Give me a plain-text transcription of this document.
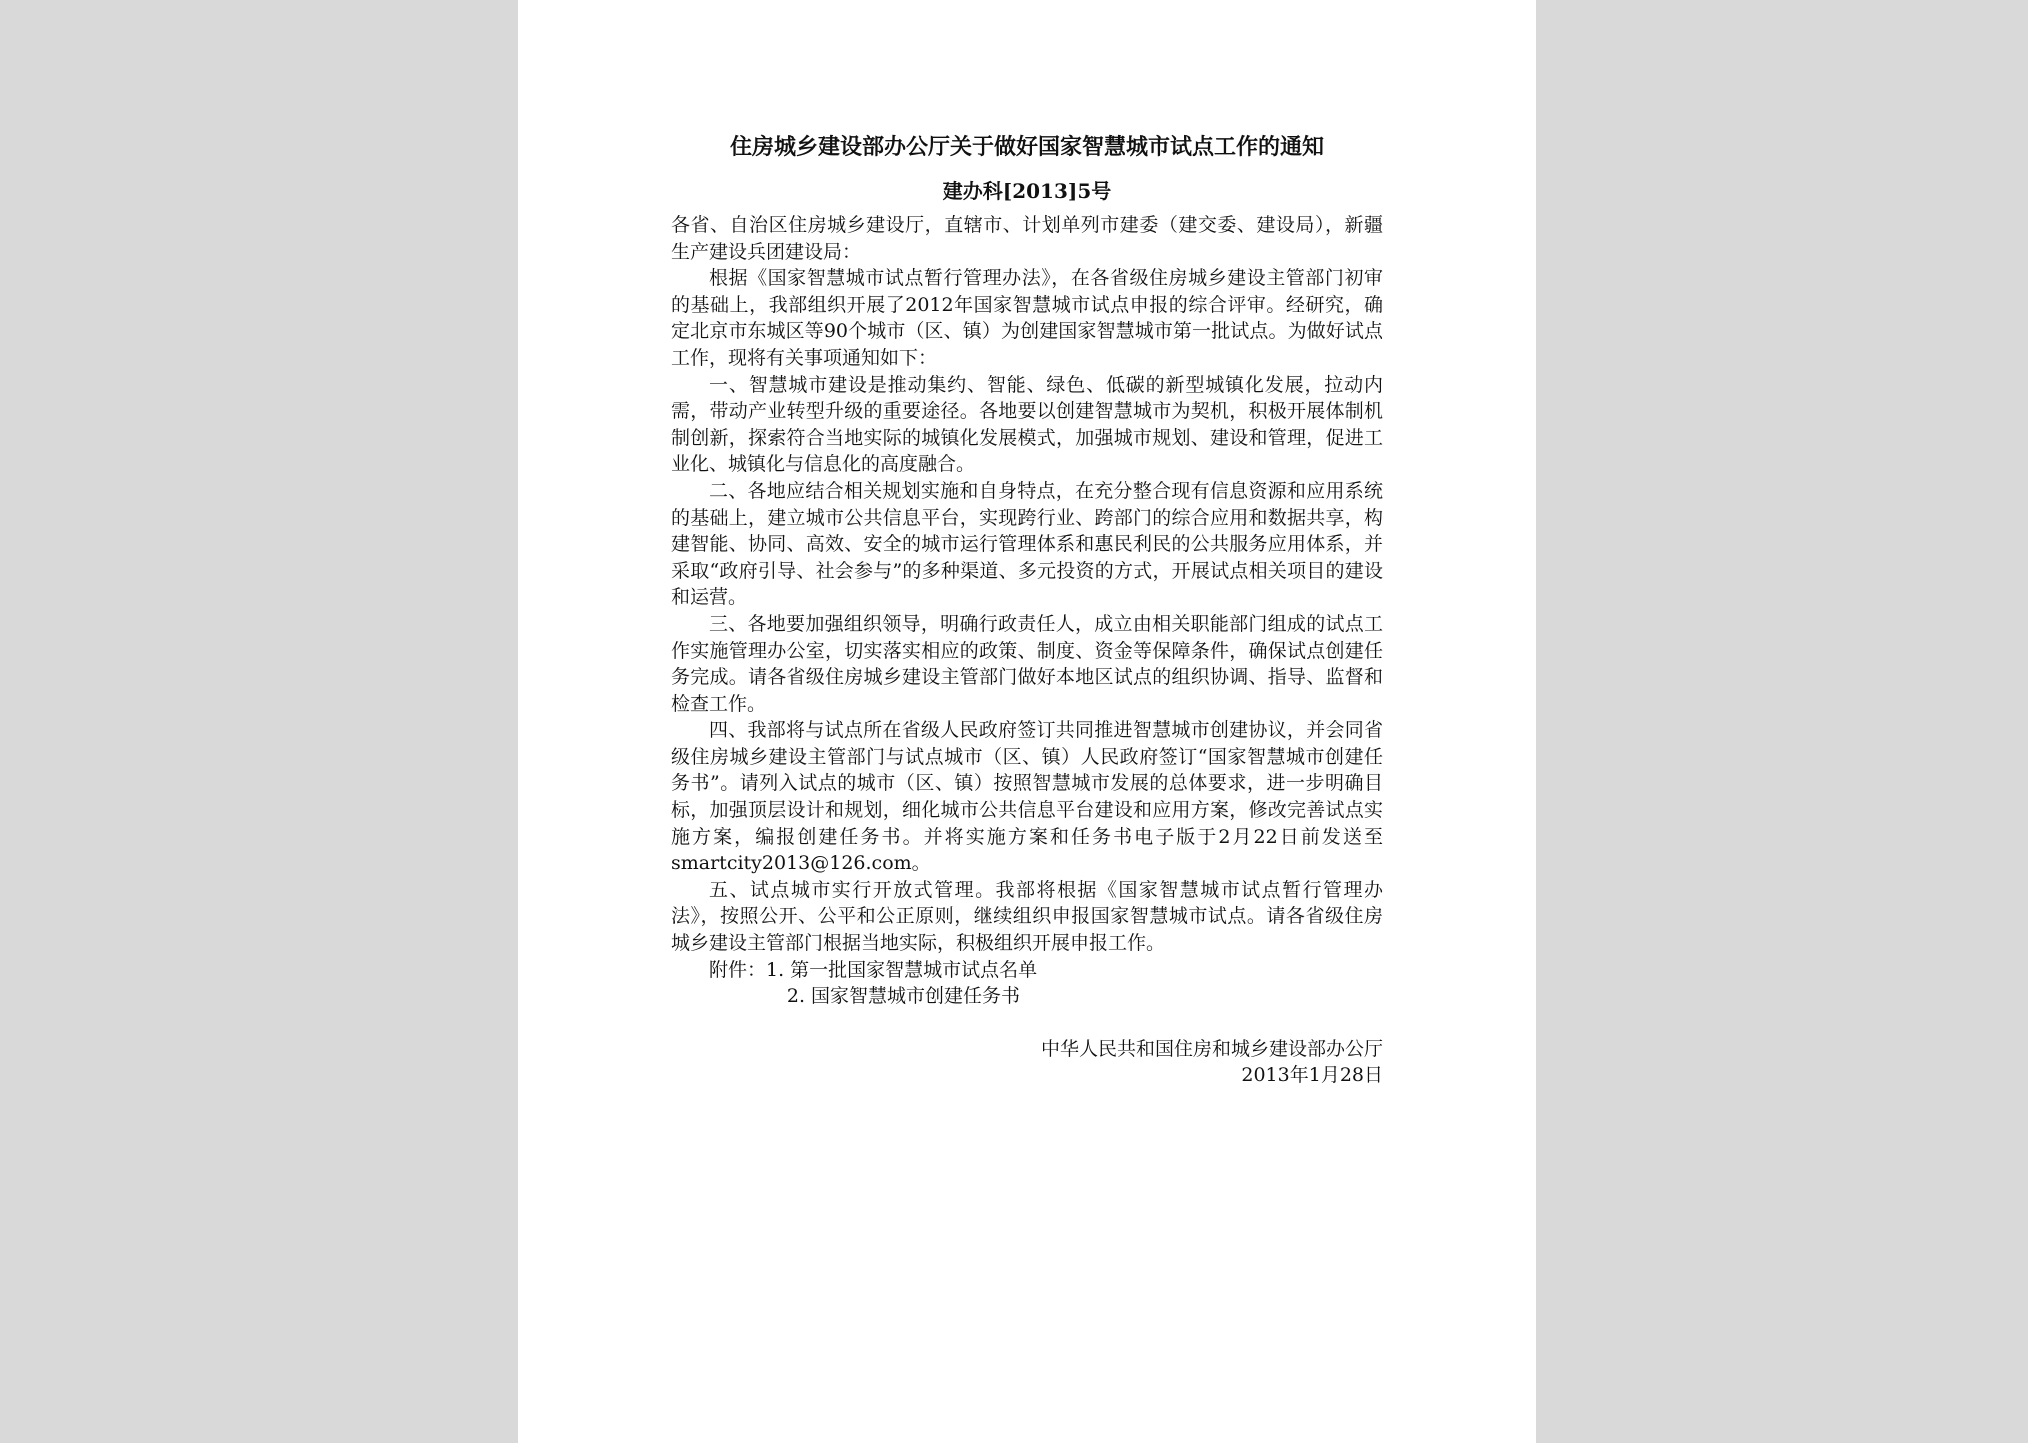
住房城乡建设部办公厅关于做好国家智慧城市试点工作的通知
建办科[2013]5号

各省、自治区住房城乡建设厅，直辖市、计划单列市建委（建交委、建设局），新疆生产建设兵团建设局：

根据《国家智慧城市试点暂行管理办法》，在各省级住房城乡建设主管部门初审的基础上，我部组织开展了2012年国家智慧城市试点申报的综合评审。经研究，确定北京市东城区等90个城市（区、镇）为创建国家智慧城市第一批试点。为做好试点工作，现将有关事项通知如下：

一、智慧城市建设是推动集约、智能、绿色、低碳的新型城镇化发展，拉动内需，带动产业转型升级的重要途径。各地要以创建智慧城市为契机，积极开展体制机制创新，探索符合当地实际的城镇化发展模式，加强城市规划、建设和管理，促进工业化、城镇化与信息化的高度融合。

二、各地应结合相关规划实施和自身特点，在充分整合现有信息资源和应用系统的基础上，建立城市公共信息平台，实现跨行业、跨部门的综合应用和数据共享，构建智能、协同、高效、安全的城市运行管理体系和惠民利民的公共服务应用体系，并采取“政府引导、社会参与”的多种渠道、多元投资的方式，开展试点相关项目的建设和运营。

三、各地要加强组织领导，明确行政责任人，成立由相关职能部门组成的试点工作实施管理办公室，切实落实相应的政策、制度、资金等保障条件，确保试点创建任务完成。请各省级住房城乡建设主管部门做好本地区试点的组织协调、指导、监督和检查工作。

四、我部将与试点所在省级人民政府签订共同推进智慧城市创建协议，并会同省级住房城乡建设主管部门与试点城市（区、镇）人民政府签订“国家智慧城市创建任务书”。请列入试点的城市（区、镇）按照智慧城市发展的总体要求，进一步明确目标，加强顶层设计和规划，细化城市公共信息平台建设和应用方案，修改完善试点实施方案，编报创建任务书。并将实施方案和任务书电子版于2月22日前发送至smartcity2013@126.com。

五、试点城市实行开放式管理。我部将根据《国家智慧城市试点暂行管理办法》，按照公开、公平和公正原则，继续组织申报国家智慧城市试点。请各省级住房城乡建设主管部门根据当地实际，积极组织开展申报工作。

附件：1. 第一批国家智慧城市试点名单

2. 国家智慧城市创建任务书

中华人民共和国住房和城乡建设部办公厅
2013年1月28日
